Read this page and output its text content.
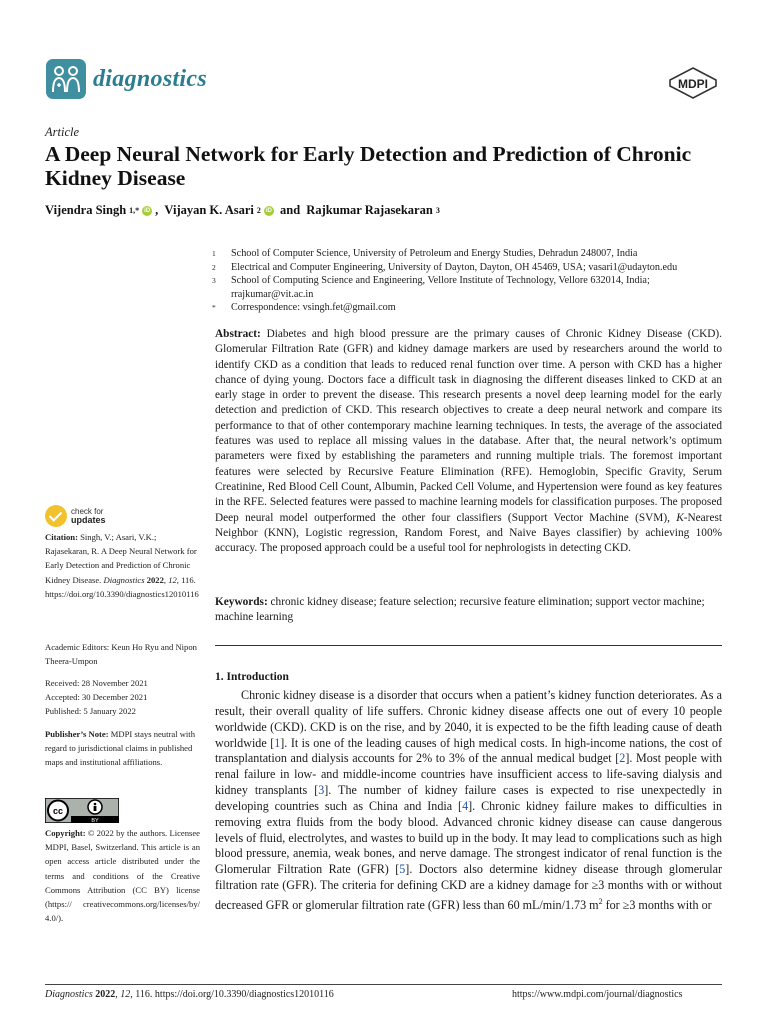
diagnostics	MDPI
Article
A Deep Neural Network for Early Detection and Prediction of Chronic Kidney Disease
Vijendra Singh 1,* iD , Vijayan K. Asari 2 iD and Rajkumar Rajasekaran 3
1	School of Computer Science, University of Petroleum and Energy Studies, Dehradun 248007, India
2	Electrical and Computer Engineering, University of Dayton, Dayton, OH 45469, USA; vasari1@udayton.edu
3	School of Computing Science and Engineering, Vellore Institute of Technology, Vellore 632014, India; rrajkumar@vit.ac.in
*	Correspondence: vsingh.fet@gmail.com
Abstract: Diabetes and high blood pressure are the primary causes of Chronic Kidney Disease (CKD). Glomerular Filtration Rate (GFR) and kidney damage markers are used by researchers around the world to identify CKD as a condition that leads to reduced renal function over time. A person with CKD has a higher chance of dying young. Doctors face a difficult task in diagnosing the different diseases linked to CKD at an early stage in order to prevent the disease. This research presents a novel deep learning model for the early detection and prediction of CKD. This research objectives to create a deep neural network and compare its performance to that of other contemporary machine learning techniques. In tests, the average of the associated features was used to replace all missing values in the database. After that, the neural network’s optimum parameters were fixed by establishing the parameters and running multiple trials. The foremost important features were selected by Recursive Feature Elimination (RFE). Hemoglobin, Specific Gravity, Serum Creatinine, Red Blood Cell Count, Albumin, Packed Cell Volume, and Hypertension were found as key features in the RFE. Selected features were passed to machine learning models for classification purposes. The proposed Deep neural model outperformed the other four classifiers (Support Vector Machine (SVM), K-Nearest Neighbor (KNN), Logistic regression, Random Forest, and Naive Bayes classifier) by achieving 100% accuracy. The proposed approach could be a useful tool for nephrologists in detecting CKD.
Keywords: chronic kidney disease; feature selection; recursive feature elimination; support vector machine; machine learning
1. Introduction
Chronic kidney disease is a disorder that occurs when a patient’s kidney function deteriorates. As a result, their overall quality of life suffers. Chronic kidney disease affects one out of every 10 people worldwide (CKD). CKD is on the rise, and by 2040, it is expected to be the fifth leading cause of death worldwide [1]. It is one of the leading causes of high medical costs. In high-income nations, the cost of transplantation and dialysis accounts for 2% to 3% of the annual medical budget [2]. Most people with renal failure in low- and middle-income countries have insufficient access to life-saving dialysis and kidney transplants [3]. The number of kidney failure cases is expected to rise unexpectedly in developing countries such as China and India [4]. Chronic kidney failure makes to difficulties in removing extra fluids from the body blood. Advanced chronic kidney disease can cause dangerous levels of fluid, electrolytes, and wastes to build up in the body. It may lead to complications such as high blood pressure, anemia, weak bones, and nerve damage. The strongest indicator of renal function is the Glomerular Filtration Rate (GFR) [5]. Doctors also determine kidney disease through glomerular filtration rate (GFR). The criteria for defining CKD are a kidney damage for ≥3 months with or without decreased GFR or glomerular filtration rate (GFR) less than 60 mL/min/1.73 $m^2$ for ≥3 months with or
check for
updates
Citation: Singh, V.; Asari, V.K.; Rajasekaran, R. A Deep Neural Network for Early Detection and Prediction of Chronic Kidney Disease. Diagnostics 2022, 12, 116. https://doi.org/10.3390/diagnostics12010116
Academic Editors: Keun Ho Ryu and Nipon Theera-Umpon
Received: 28 November 2021
Accepted: 30 December 2021
Published: 5 January 2022
Publisher’s Note: MDPI stays neutral with regard to jurisdictional claims in published maps and institutional affiliations.
cc
BY
Copyright: © 2022 by the authors. Licensee MDPI, Basel, Switzerland. This article is an open access article distributed under the terms and conditions of the Creative Commons Attribution (CC BY) license (https:// creativecommons.org/licenses/by/ 4.0/).
Diagnostics 2022, 12, 116. https://doi.org/10.3390/diagnostics12010116	https://www.mdpi.com/journal/diagnostics
